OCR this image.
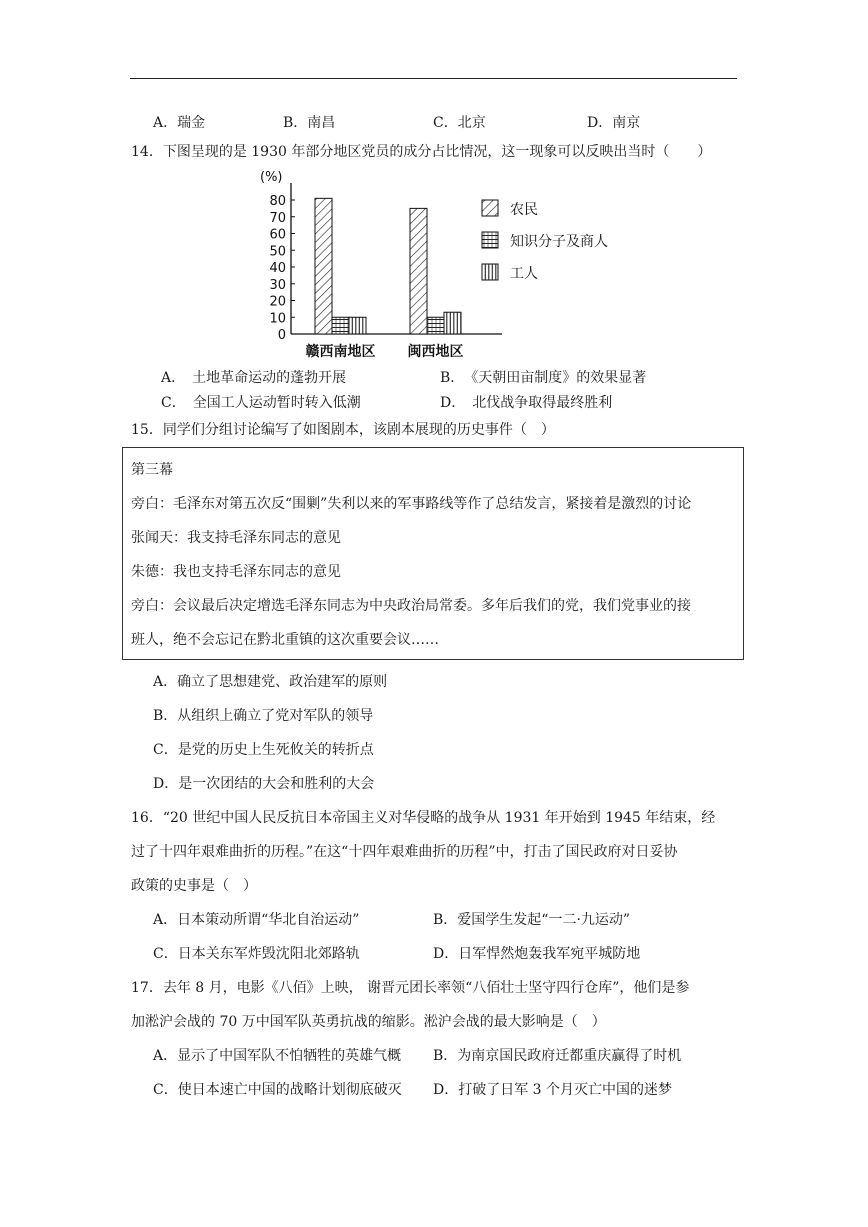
A．瑞金	B．南昌	C．北京	D．南京
14．下图呈现的是 1930 年部分地区党员的成分占比情况，这一现象可以反映出当时（　　）
(%)
80
70
60
50
40
30
20
10
0
赣西南地区 闽西地区
农民
知识分子及商人
工人
A．　土地革命运动的蓬勃开展	B．　《天朝田亩制度》的效果显著
C．　全国工人运动暂时转入低潮	D．　北伐战争取得最终胜利
15．同学们分组讨论编写了如图剧本，该剧本展现的历史事件（　）
第三幕
旁白：毛泽东对第五次反“围剿”失利以来的军事路线等作了总结发言，紧接着是激烈的讨论
张闻天：我支持毛泽东同志的意见
朱德：我也支持毛泽东同志的意见
旁白：会议最后决定增选毛泽东同志为中央政治局常委。多年后我们的党，我们党事业的接
班人，绝不会忘记在黔北重镇的这次重要会议……
A．确立了思想建党、政治建军的原则
B．从组织上确立了党对军队的领导
C．是党的历史上生死攸关的转折点
D．是一次团结的大会和胜利的大会
16．“20 世纪中国人民反抗日本帝国主义对华侵略的战争从 1931 年开始到 1945 年结束，经
过了十四年艰难曲折的历程。”在这“十四年艰难曲折的历程”中，打击了国民政府对日妥协
政策的史事是（　）
A．日本策动所谓“华北自治运动”	B．爱国学生发起“一二·九运动”
C．日本关东军炸毁沈阳北郊路轨	D．日军悍然炮轰我军宛平城防地
17．去年 8 月，电影《八佰》上映， 谢晋元团长率领“八佰壮士坚守四行仓库”，他们是参
加淞沪会战的 70 万中国军队英勇抗战的缩影。淞沪会战的最大影响是（　）
A．显示了中国军队不怕牺牲的英雄气概 B．为南京国民政府迁都重庆赢得了时机
C．使日本速亡中国的战略计划彻底破灭 D．打破了日军 3 个月灭亡中国的迷梦
